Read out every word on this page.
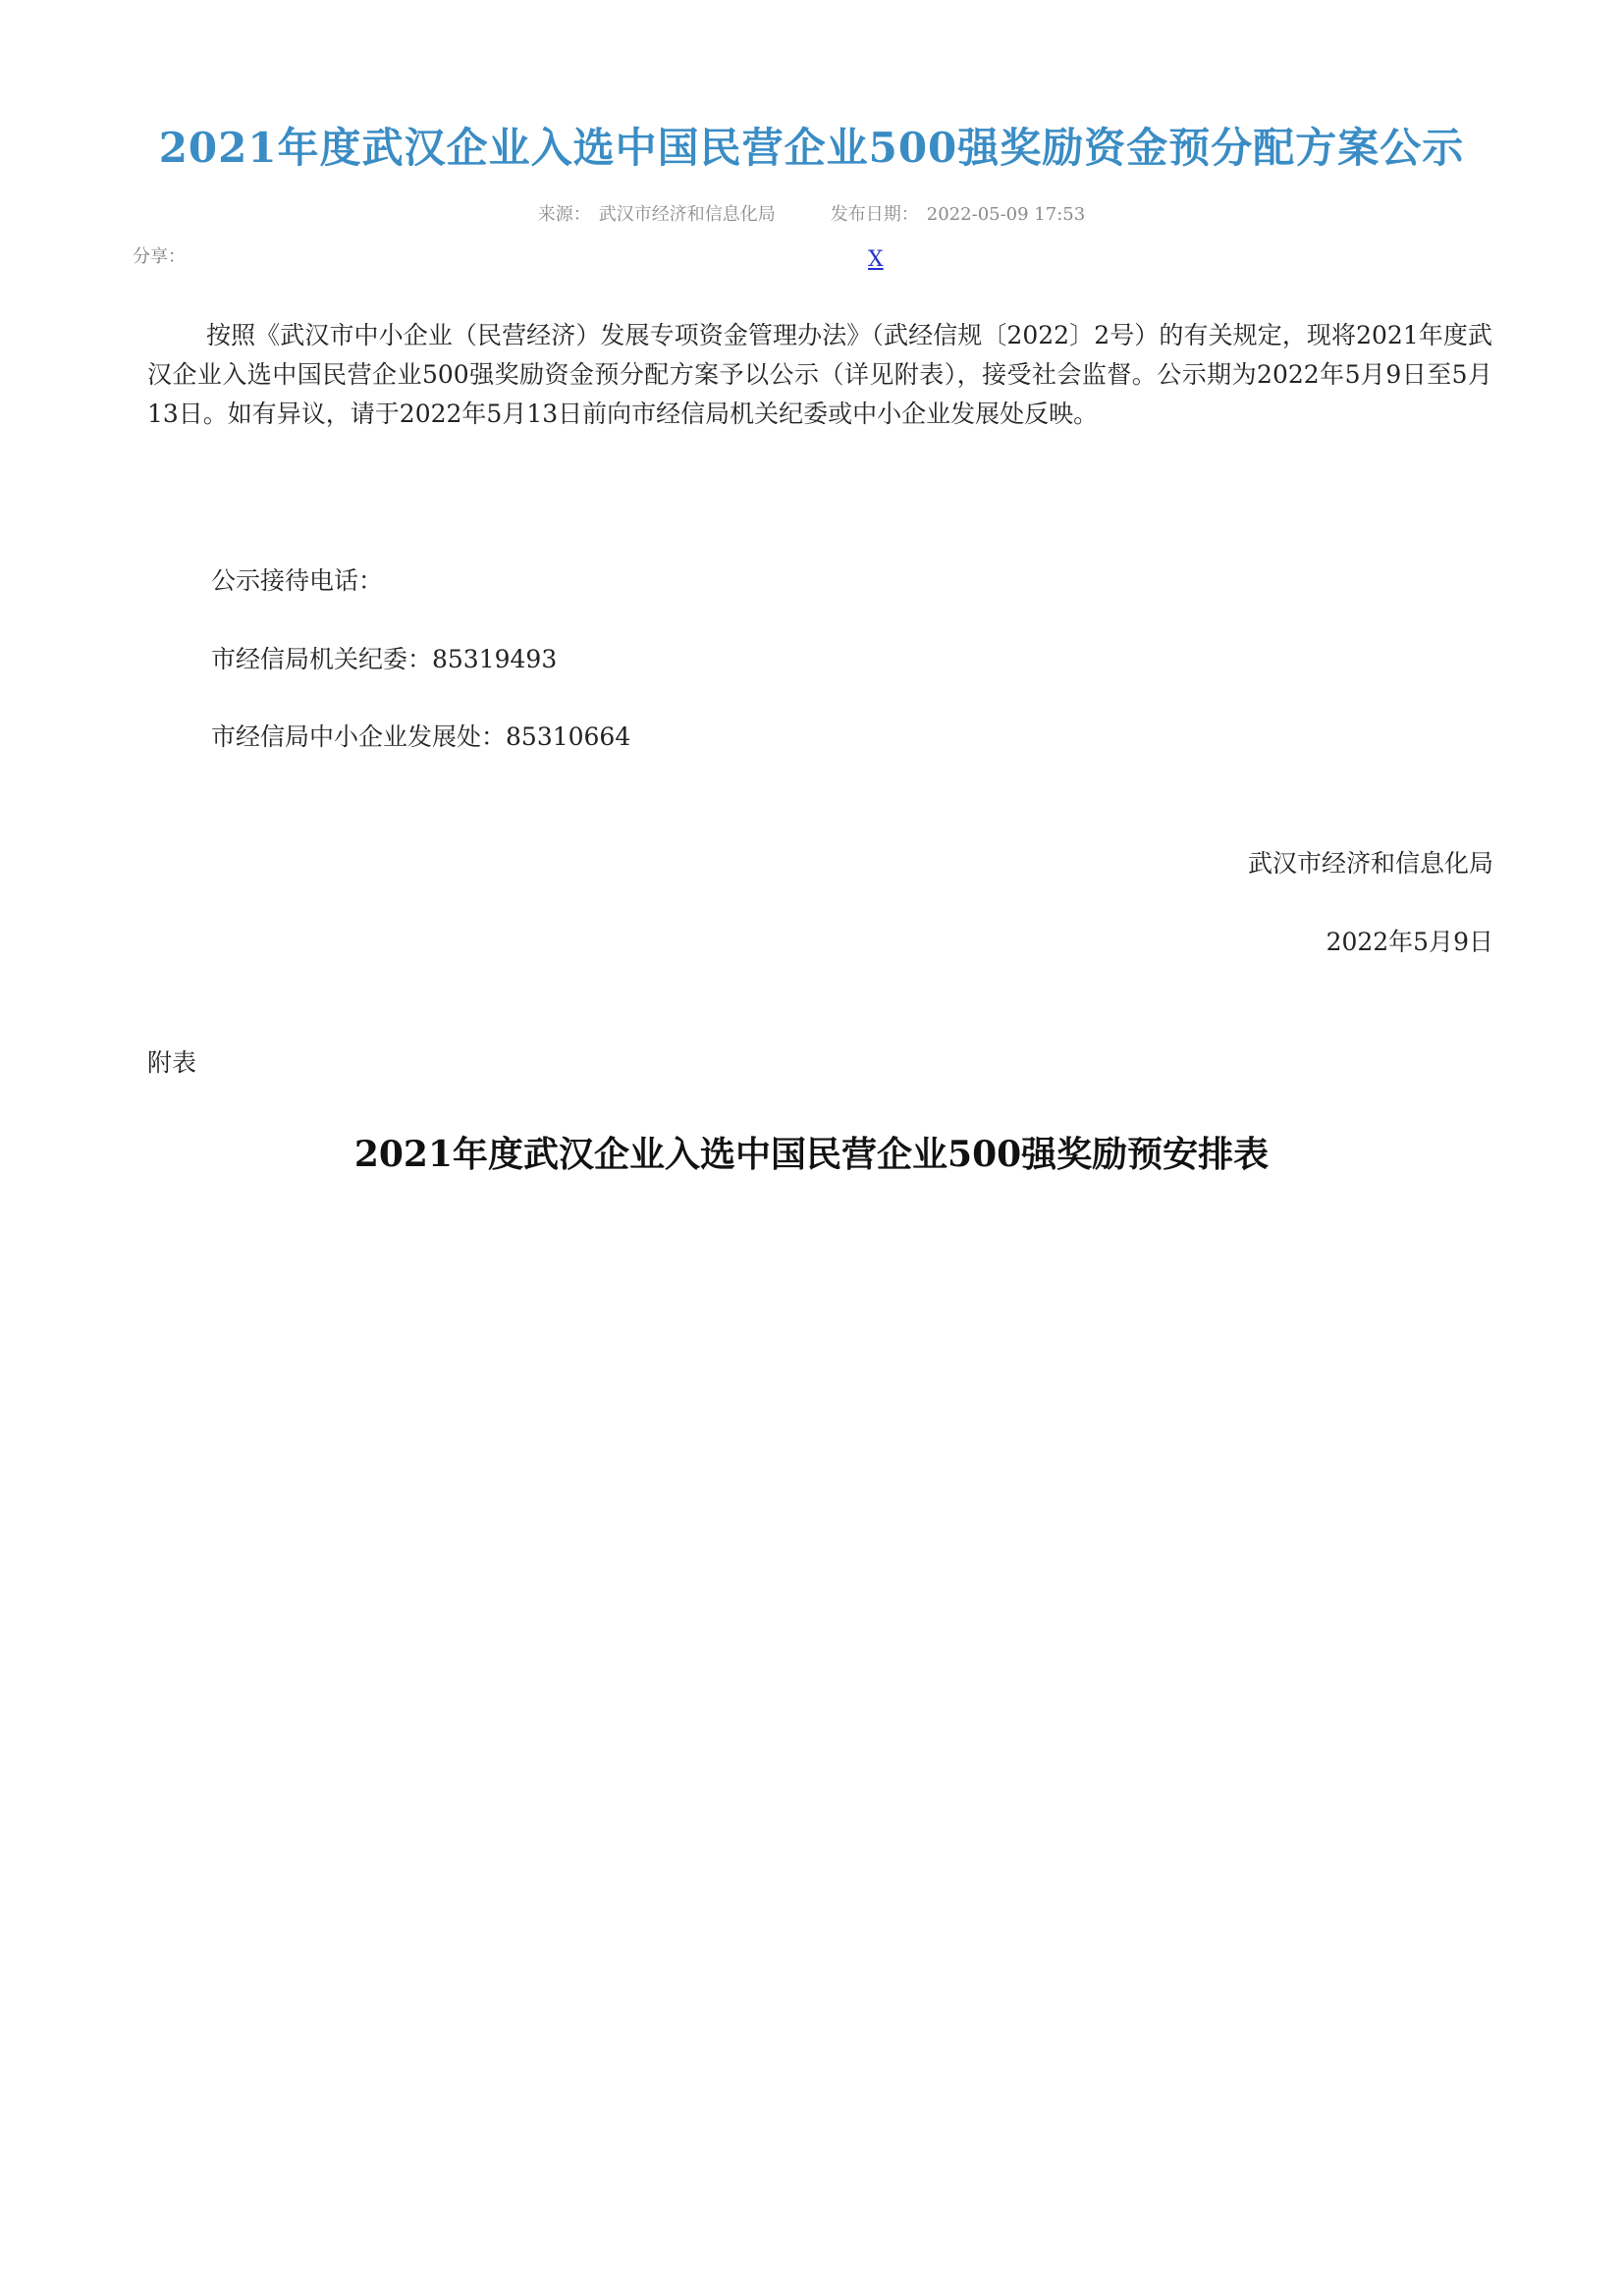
2021年度武汉企业入选中国民营企业500强奖励资金预分配方案公示
来源： 武汉市经济和信息化局	发布日期： 2022-05-09 17:53
分享：	X
按照《武汉市中小企业（民营经济）发展专项资金管理办法》（武经信规〔2022〕2号）的有关规定，现将2021年度武汉企业入选中国民营企业500强奖励资金预分配方案予以公示（详见附表），接受社会监督。公示期为2022年5月9日至5月13日。如有异议，请于2022年5月13日前向市经信局机关纪委或中小企业发展处反映。
公示接待电话：
市经信局机关纪委：85319493
市经信局中小企业发展处：85310664
武汉市经济和信息化局
2022年5月9日
附表
2021年度武汉企业入选中国民营企业500强奖励预安排表
